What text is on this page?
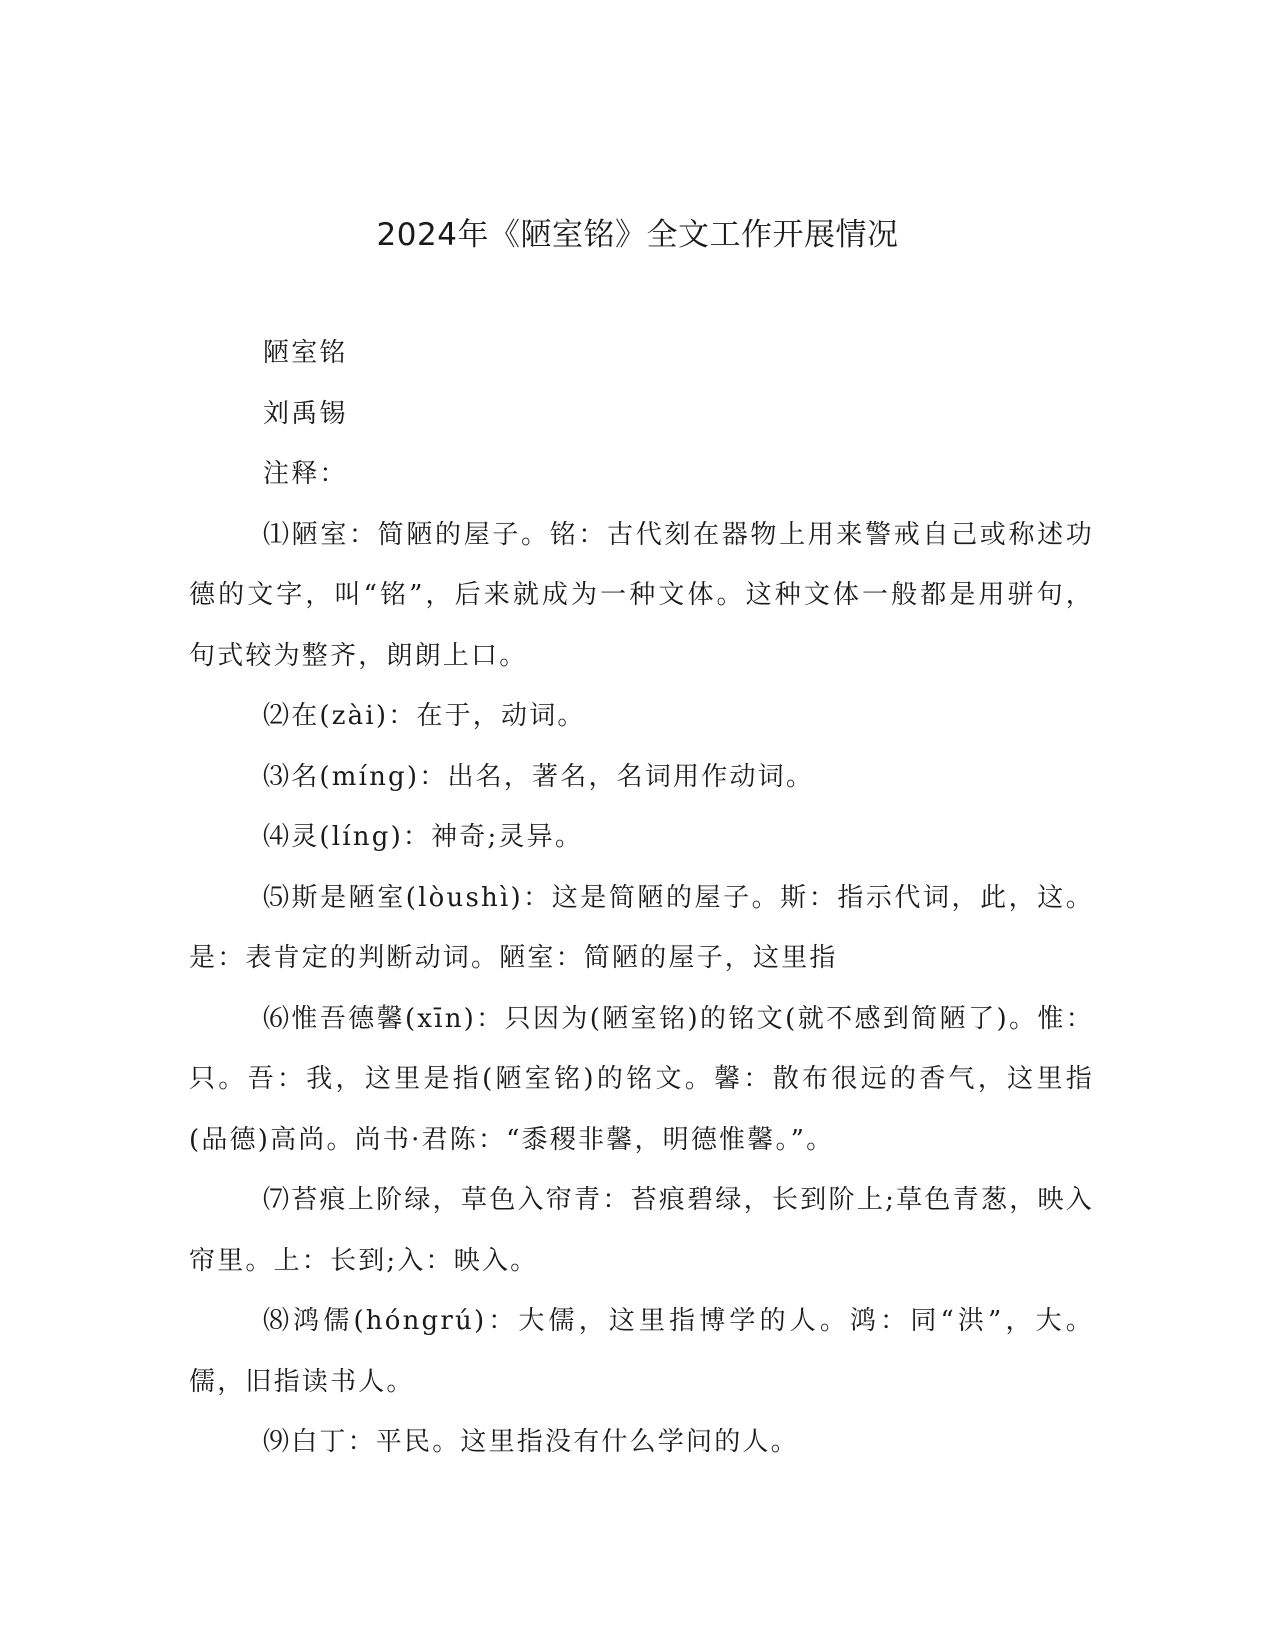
2024年《陋室铭》全文工作开展情况

陋室铭

刘禹锡

注释：

⑴陋室：简陋的屋子。铭：古代刻在器物上用来警戒自己或称述功德的文字，叫“铭”，后来就成为一种文体。这种文体一般都是用骈句，句式较为整齐，朗朗上口。

⑵在(zài)：在于，动词。

⑶名(míng)：出名，著名，名词用作动词。

⑷灵(líng)：神奇;灵异。

⑸斯是陋室(lòushì)：这是简陋的屋子。斯：指示代词，此，这。是：表肯定的判断动词。陋室：简陋的屋子，这里指

⑹惟吾德馨(xīn)：只因为(陋室铭)的铭文(就不感到简陋了)。惟：只。吾：我，这里是指(陋室铭)的铭文。馨：散布很远的香气，这里指(品德)高尚。尚书·君陈：“黍稷非馨，明德惟馨。”。

⑺苔痕上阶绿，草色入帘青：苔痕碧绿，长到阶上;草色青葱，映入帘里。上：长到;入：映入。

⑻鸿儒(hóngrú)：大儒，这里指博学的人。鸿：同“洪”，大。儒，旧指读书人。

⑼白丁：平民。这里指没有什么学问的人。
